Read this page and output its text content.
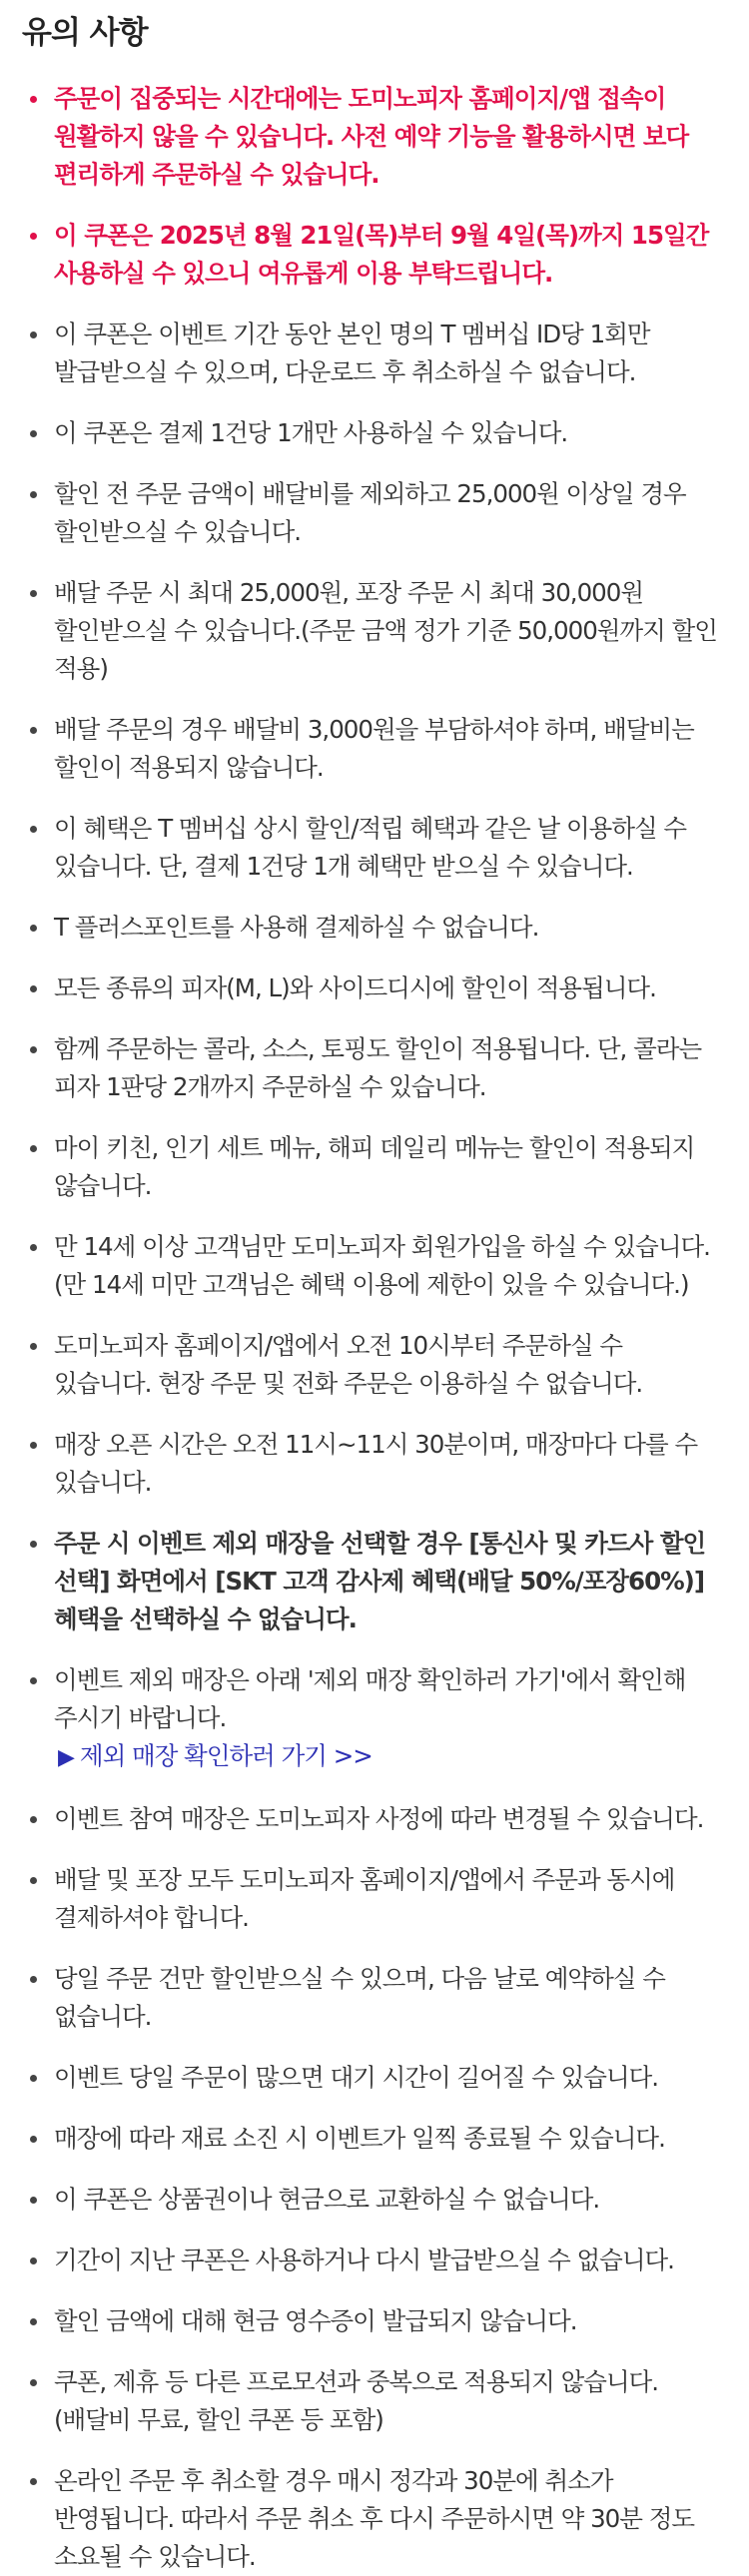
유의 사항
주문이 집중되는 시간대에는 도미노피자 홈페이지/앱 접속이 원활하지 않을 수 있습니다. 사전 예약 기능을 활용하시면 보다 편리하게 주문하실 수 있습니다.
이 쿠폰은 2025년 8월 21일(목)부터 9월 4일(목)까지 15일간 사용하실 수 있으니 여유롭게 이용 부탁드립니다.
이 쿠폰은 이벤트 기간 동안 본인 명의 T 멤버십 ID당 1회만 발급받으실 수 있으며, 다운로드 후 취소하실 수 없습니다.
이 쿠폰은 결제 1건당 1개만 사용하실 수 있습니다.
할인 전 주문 금액이 배달비를 제외하고 25,000원 이상일 경우 할인받으실 수 있습니다.
배달 주문 시 최대 25,000원, 포장 주문 시 최대 30,000원 할인받으실 수 있습니다.(주문 금액 정가 기준 50,000원까지 할인 적용)
배달 주문의 경우 배달비 3,000원을 부담하셔야 하며, 배달비는 할인이 적용되지 않습니다.
이 혜택은 T 멤버십 상시 할인/적립 혜택과 같은 날 이용하실 수 있습니다. 단, 결제 1건당 1개 혜택만 받으실 수 있습니다.
T 플러스포인트를 사용해 결제하실 수 없습니다.
모든 종류의 피자(M, L)와 사이드디시에 할인이 적용됩니다.
함께 주문하는 콜라, 소스, 토핑도 할인이 적용됩니다. 단, 콜라는 피자 1판당 2개까지 주문하실 수 있습니다.
마이 키친, 인기 세트 메뉴, 해피 데일리 메뉴는 할인이 적용되지 않습니다.
만 14세 이상 고객님만 도미노피자 회원가입을 하실 수 있습니다.(만 14세 미만 고객님은 혜택 이용에 제한이 있을 수 있습니다.)
도미노피자 홈페이지/앱에서 오전 10시부터 주문하실 수 있습니다. 현장 주문 및 전화 주문은 이용하실 수 없습니다.
매장 오픈 시간은 오전 11시~11시 30분이며, 매장마다 다를 수 있습니다.
주문 시 이벤트 제외 매장을 선택할 경우 [통신사 및 카드사 할인 선택] 화면에서 [SKT 고객 감사제 혜택(배달 50%/포장60%)] 혜택을 선택하실 수 없습니다.
이벤트 제외 매장은 아래 '제외 매장 확인하러 가기'에서 확인해 주시기 바랍니다.
▶ 제외 매장 확인하러 가기 >>
이벤트 참여 매장은 도미노피자 사정에 따라 변경될 수 있습니다.
배달 및 포장 모두 도미노피자 홈페이지/앱에서 주문과 동시에 결제하셔야 합니다.
당일 주문 건만 할인받으실 수 있으며, 다음 날로 예약하실 수 없습니다.
이벤트 당일 주문이 많으면 대기 시간이 길어질 수 있습니다.
매장에 따라 재료 소진 시 이벤트가 일찍 종료될 수 있습니다.
이 쿠폰은 상품권이나 현금으로 교환하실 수 없습니다.
기간이 지난 쿠폰은 사용하거나 다시 발급받으실 수 없습니다.
할인 금액에 대해 현금 영수증이 발급되지 않습니다.
쿠폰, 제휴 등 다른 프로모션과 중복으로 적용되지 않습니다.(배달비 무료, 할인 쿠폰 등 포함)
온라인 주문 후 취소할 경우 매시 정각과 30분에 취소가 반영됩니다. 따라서 주문 취소 후 다시 주문하시면 약 30분 정도 소요될 수 있습니다.
